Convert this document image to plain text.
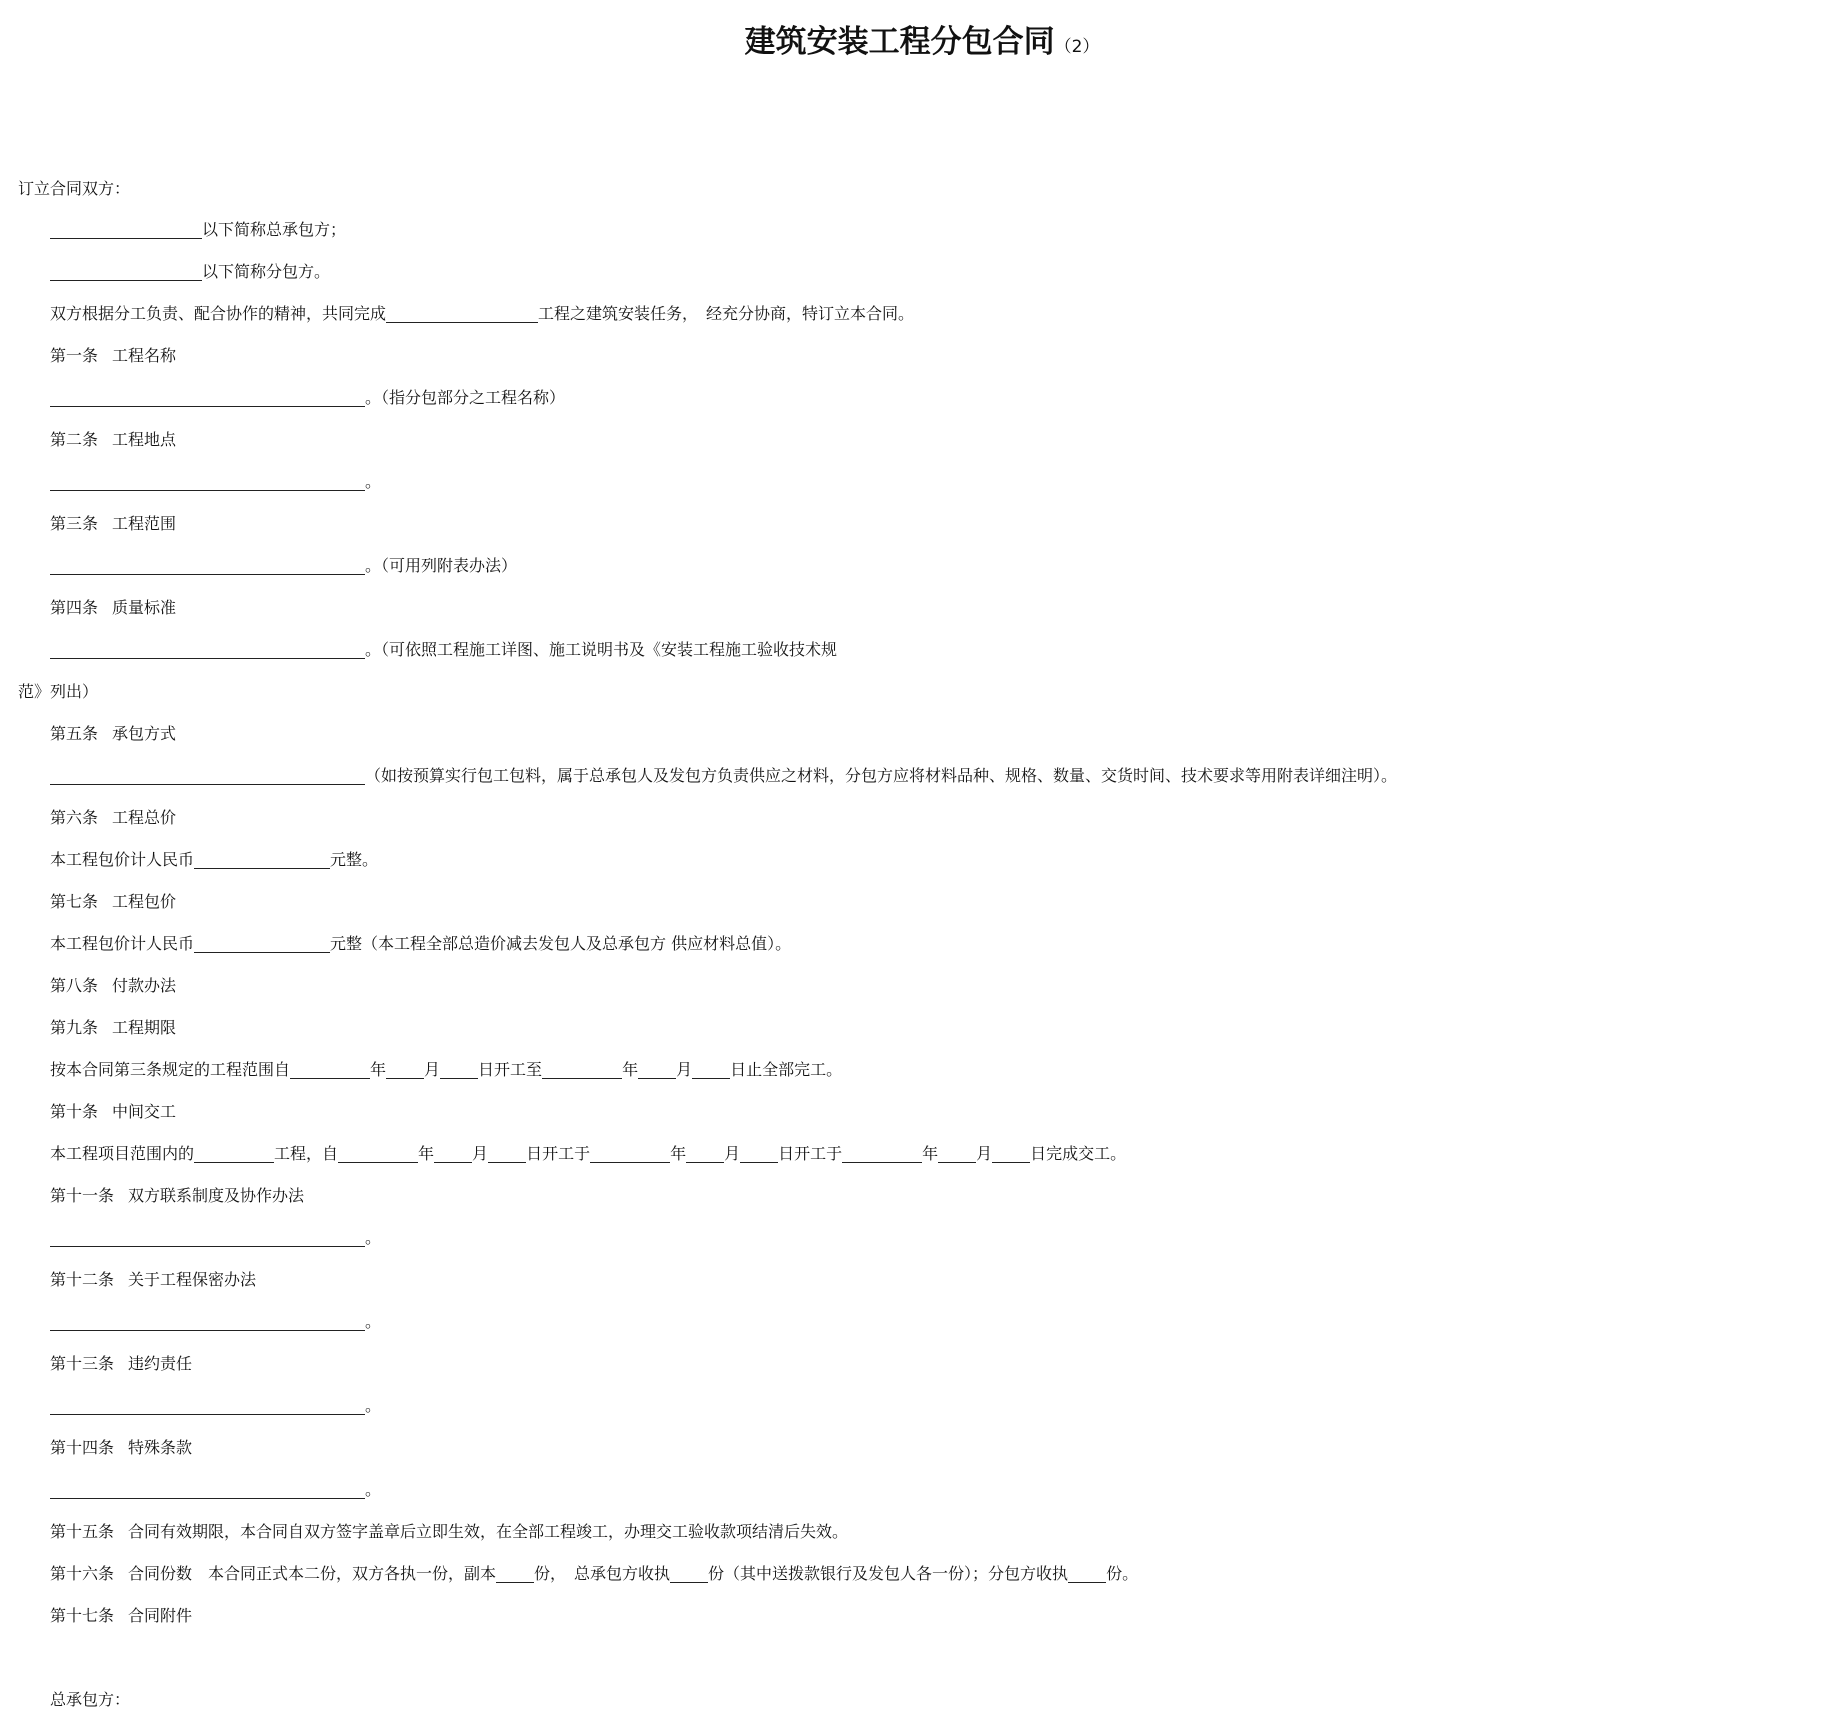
建筑安装工程分包合同（2）
订立合同双方：
以下简称总承包方；
以下简称分包方。
双方根据分工负责、配合协作的精神，共同完成	工程之建筑安装任务，　经充分协商，特订立本合同。
第一条 工程名称
。（指分包部分之工程名称）
第二条 工程地点
。
第三条 工程范围
。（可用列附表办法）
第四条 质量标准
。（可依照工程施工详图、施工说明书及《安装工程施工验收技术规
范》列出）
第五条 承包方式
（如按预算实行包工包料，属于总承包人及发包方负责供应之材料，分包方应将材料品种、规格、数量、交货时间、技术要求等用附表详细注明）。
第六条 工程总价
本工程包价计人民币	元整。
第七条 工程包价
本工程包价计人民币	元整（本工程全部总造价减去发包人及总承包方 供应材料总值）。
第八条 付款办法
第九条 工程期限
按本合同第三条规定的工程范围自	年 月 日开工至	年 月 日止全部完工。
第十条 中间交工
本工程项目范围内的	工程，自	年 月 日开工于	年 月 日开工于	年 月 日完成交工。
第十一条 双方联系制度及协作办法
。
第十二条 关于工程保密办法
。
第十三条 违约责任
。
第十四条 特殊条款
。
第十五条 合同有效期限，本合同自双方签字盖章后立即生效，在全部工程竣工，办理交工验收款项结清后失效。
第十六条 合同份数　本合同正式本二份，双方各执一份，副本 份，　总承包方收执 份（其中送拨款银行及发包人各一份）；分包方收执 份。
第十七条 合同附件
总承包方：
